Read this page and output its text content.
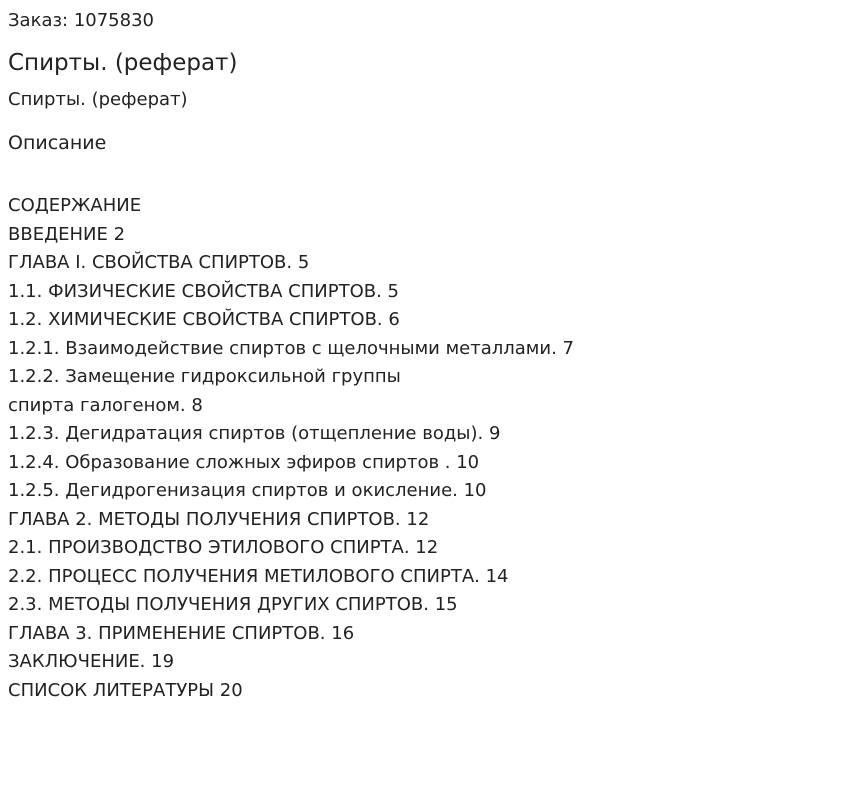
Заказ: 1075830
Спирты. (реферат)
Спирты. (реферат)
Описание
СОДЕРЖАНИЕ
ВВЕДЕНИЕ 2
ГЛАВА I. СВОЙСТВА СПИРТОВ. 5
1.1. ФИЗИЧЕСКИЕ СВОЙСТВА СПИРТОВ. 5
1.2. ХИМИЧЕСКИЕ СВОЙСТВА СПИРТОВ. 6
1.2.1. Взаимодействие спиртов с щелочными металлами. 7
1.2.2. Замещение гидроксильной группы
спирта галогеном. 8
1.2.3. Дегидратация спиртов (отщепление воды). 9
1.2.4. Образование сложных эфиров спиртов . 10
1.2.5. Дегидрогенизация спиртов и окисление. 10
ГЛАВА 2. МЕТОДЫ ПОЛУЧЕНИЯ СПИРТОВ. 12
2.1. ПРОИЗВОДСТВО ЭТИЛОВОГО СПИРТА. 12
2.2. ПРОЦЕСС ПОЛУЧЕНИЯ МЕТИЛОВОГО СПИРТА. 14
2.3. МЕТОДЫ ПОЛУЧЕНИЯ ДРУГИХ СПИРТОВ. 15
ГЛАВА 3. ПРИМЕНЕНИЕ СПИРТОВ. 16
ЗАКЛЮЧЕНИЕ. 19
СПИСОК ЛИТЕРАТУРЫ 20
